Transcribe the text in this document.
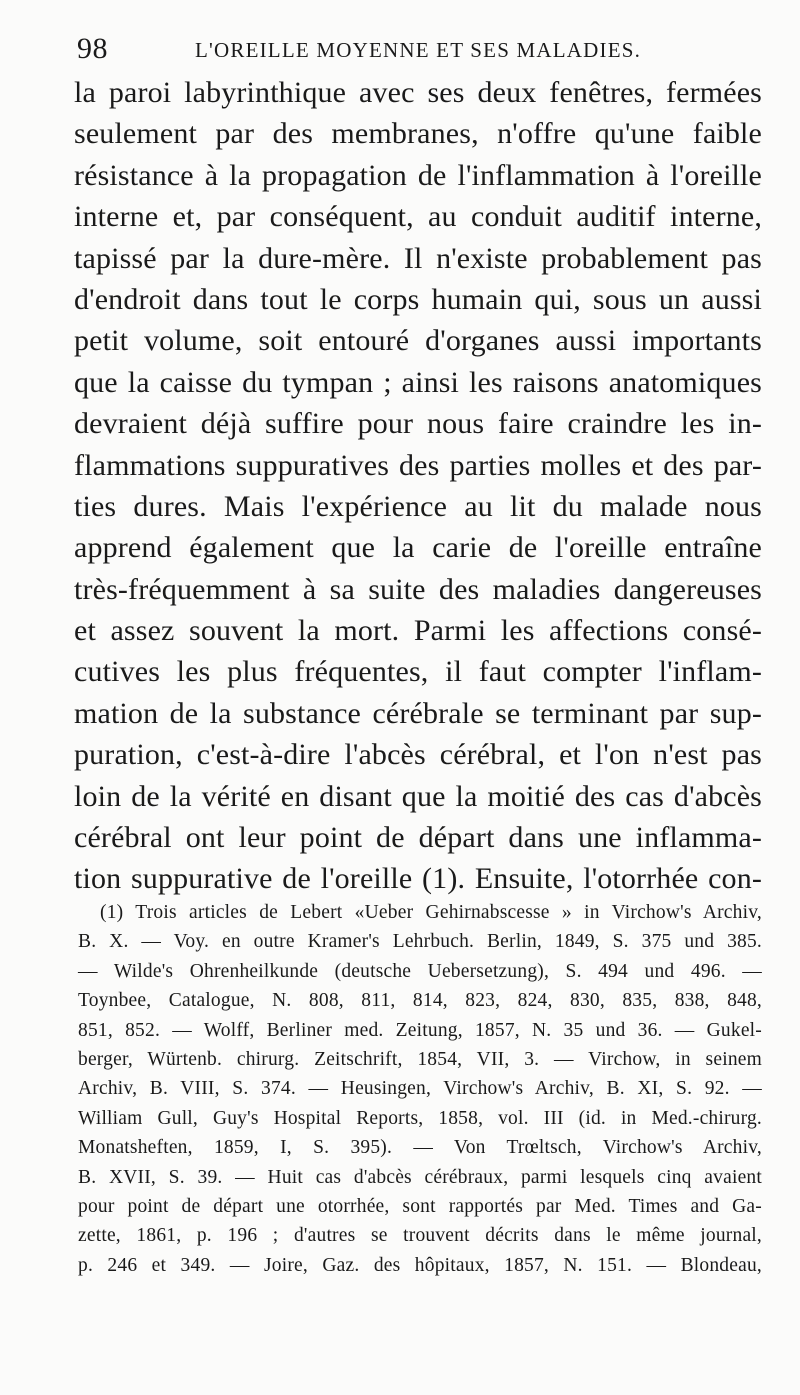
98	L'OREILLE MOYENNE ET SES MALADIES.
la paroi labyrinthique avec ses deux fenêtres, fermées
seulement par des membranes, n'offre qu'une faible
résistance à la propagation de l'inflammation à l'oreille
interne et, par conséquent, au conduit auditif interne,
tapissé par la dure-mère. Il n'existe probablement pas
d'endroit dans tout le corps humain qui, sous un aussi
petit volume, soit entouré d'organes aussi importants
que la caisse du tympan ; ainsi les raisons anatomiques
devraient déjà suffire pour nous faire craindre les in-
flammations suppuratives des parties molles et des par-
ties dures. Mais l'expérience au lit du malade nous
apprend également que la carie de l'oreille entraîne
très-fréquemment à sa suite des maladies dangereuses
et assez souvent la mort. Parmi les affections consé-
cutives les plus fréquentes, il faut compter l'inflam-
mation de la substance cérébrale se terminant par sup-
puration, c'est-à-dire l'abcès cérébral, et l'on n'est pas
loin de la vérité en disant que la moitié des cas d'abcès
cérébral ont leur point de départ dans une inflamma-
tion suppurative de l'oreille (1). Ensuite, l'otorrhée con-
(1) Trois articles de Lebert «Ueber Gehirnabscesse » in Virchow's Archiv,
B. X. — Voy. en outre Kramer's Lehrbuch. Berlin, 1849, S. 375 und 385.
— Wilde's Ohrenheilkunde (deutsche Uebersetzung), S. 494 und 496. —
Toynbee, Catalogue, N. 808, 811, 814, 823, 824, 830, 835, 838, 848,
851, 852. — Wolff, Berliner med. Zeitung, 1857, N. 35 und 36. — Gukel-
berger, Würtenb. chirurg. Zeitschrift, 1854, VII, 3. — Virchow, in seinem
Archiv, B. VIII, S. 374. — Heusingen, Virchow's Archiv, B. XI, S. 92. —
William Gull, Guy's Hospital Reports, 1858, vol. III (id. in Med.-chirurg.
Monatsheften, 1859, I, S. 395). — Von Trœltsch, Virchow's Archiv,
B. XVII, S. 39. — Huit cas d'abcès cérébraux, parmi lesquels cinq avaient
pour point de départ une otorrhée, sont rapportés par Med. Times and Ga-
zette, 1861, p. 196 ; d'autres se trouvent décrits dans le même journal,
p. 246 et 349. — Joire, Gaz. des hôpitaux, 1857, N. 151. — Blondeau,
